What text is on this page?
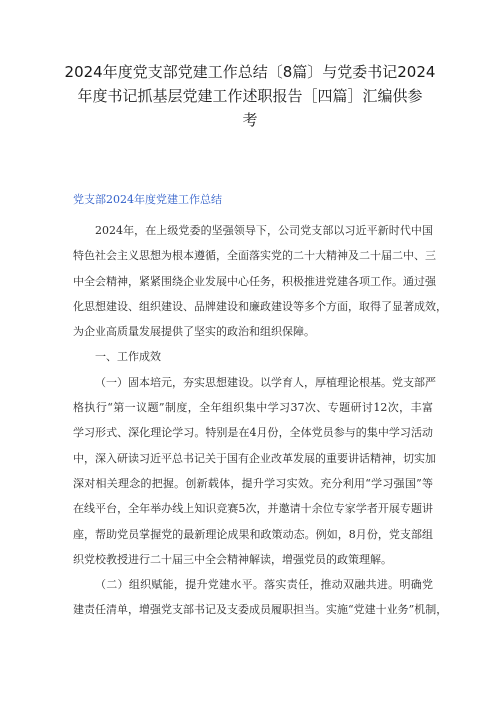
2024年度党支部党建工作总结〔8篇〕与党委书记2024
年度书记抓基层党建工作述职报告［四篇］汇编供参
考
党支部2024年度党建工作总结
2024年，在上级党委的坚强领导下，公司党支部以习近平新时代中国
特色社会主义思想为根本遵循，全面落实党的二十大精神及二十届二中、三
中全会精神，紧紧围绕企业发展中心任务，积极推进党建各项工作。通过强
化思想建设、组织建设、品牌建设和廉政建设等多个方面，取得了显著成效，
为企业高质量发展提供了坚实的政治和组织保障。
一、工作成效
（一）固本培元，夯实思想建设。以学育人，厚植理论根基。党支部严
格执行“第一议题”制度，全年组织集中学习37次、专题研讨12次，丰富
学习形式、深化理论学习。特别是在4月份，全体党员参与的集中学习活动
中，深入研读习近平总书记关于国有企业改革发展的重要讲话精神，切实加
深对相关理念的把握。创新载体，提升学习实效。充分利用“学习强国”等
在线平台，全年举办线上知识竞赛5次，并邀请十余位专家学者开展专题讲
座，帮助党员掌握党的最新理论成果和政策动态。例如，8月份，党支部组
织党校教授进行二十届三中全会精神解读，增强党员的政策理解。
（二）组织赋能，提升党建水平。落实责任，推动双融共进。明确党
建责任清单，增强党支部书记及支委成员履职担当。实施“党建十业务”机制，
